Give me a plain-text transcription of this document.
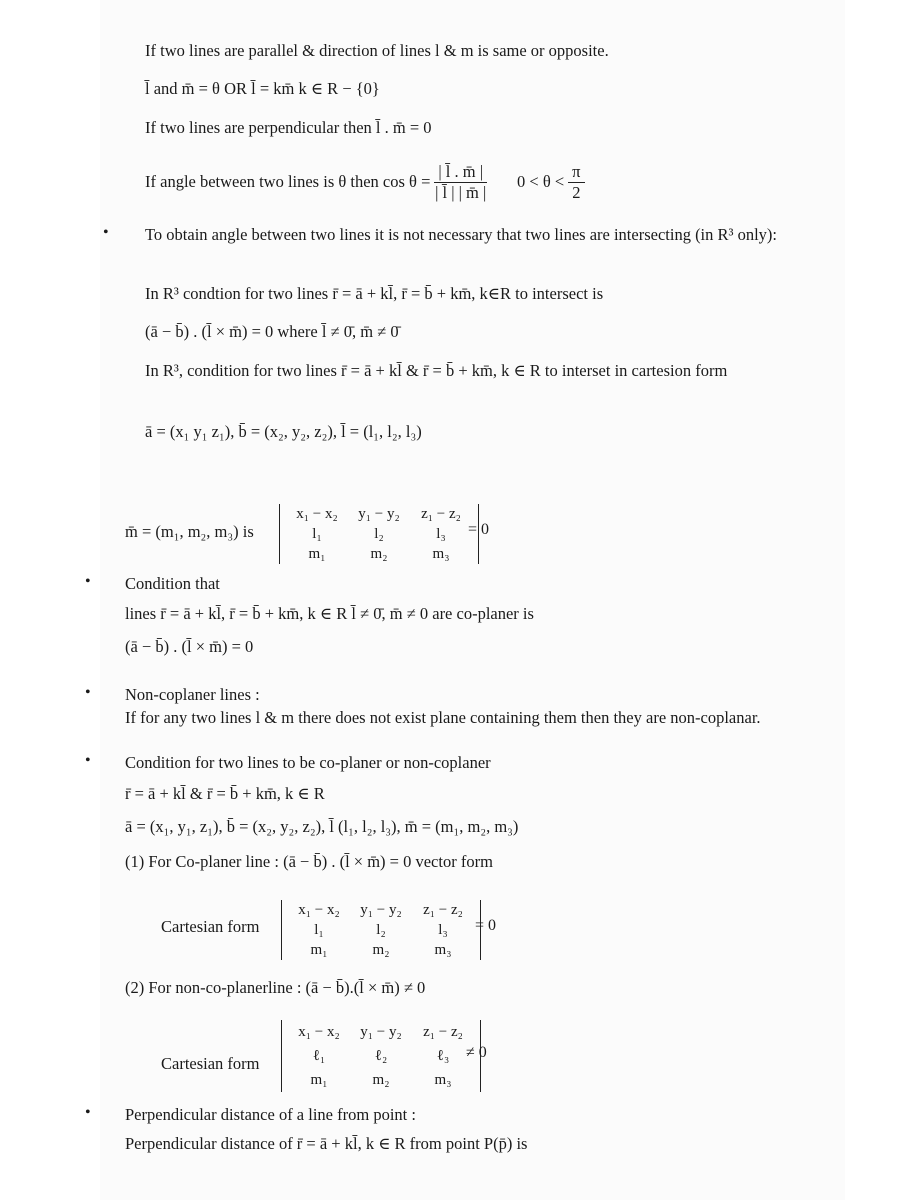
If two lines are parallel & direction of lines l & m is same or opposite.
l̄ and m̄ = θ OR l̄ = km̄ k ∈ R − {0}
If two lines are perpendicular then l̄ . m̄ = 0
If angle between two lines is θ then $\cos \theta = \frac{| l̄ . m̄ |}{| l̄ | | m̄ |} 0 < \theta < \frac{\pi}{2}$
• To obtain angle between two lines it is not necessary that two lines are intersecting (in R³ only):
In R³ condtion for two lines r̄ = ā + kl̄, r̄ = b̄ + km̄, k∈R to intersect is
(ā − b̄) . (l̄ × m̄) = 0 where l̄ ≠ 0̄, m̄ ≠ 0̄
In R³, condition for two lines r̄ = ā + kl̄ & r̄ = b̄ + km̄, k ∈ R to interset in cartesion form
ā = (x₁ y₁ z₁), b̄ = (x₂, y₂, z₂), l̄ = (l₁, l₂, l₃)
m̄ = (m₁, m₂, m₃) is
x₁ − x₂	y₁ − y₂	z₁ − z₂
l₁	l₂	l₃
m₁	m₂	m₃
= 0
• Condition that
lines r̄ = ā + kl̄, r̄ = b̄ + km̄, k ∈ R l̄ ≠ 0̄, m̄ ≠ 0 are co-planer is
(ā − b̄) . (l̄ × m̄) = 0
• Non-coplaner lines :
If for any two lines l & m there does not exist plane containing them then they are non-coplanar.
• Condition for two lines to be co-planer or non-coplaner
r̄ = ā + kl̄ & r̄ = b̄ + km̄, k ∈ R
ā = (x₁, y₁, z₁), b̄ = (x₂, y₂, z₂), l̄ (l₁, l₂, l₃), m̄ = (m₁, m₂, m₃)
(1) For Co-planer line : (ā − b̄) . (l̄ × m̄) = 0 vector form
Cartesian form
x₁ − x₂	y₁ − y₂	z₁ − z₂
l₁	l₂	l₃
m₁	m₂	m₃
= 0
(2) For non-co-planerline : (ā − b̄).(l̄ × m̄) ≠ 0
Cartesian form
x₁ − x₂	y₁ − y₂	z₁ − z₂
ℓ₁	ℓ₂	ℓ₃
m₁	m₂	m₃
≠ 0
• Perpendicular distance of a line from point :
Perpendicular distance of r̄ = ā + kl̄, k ∈ R from point P(p̄) is
